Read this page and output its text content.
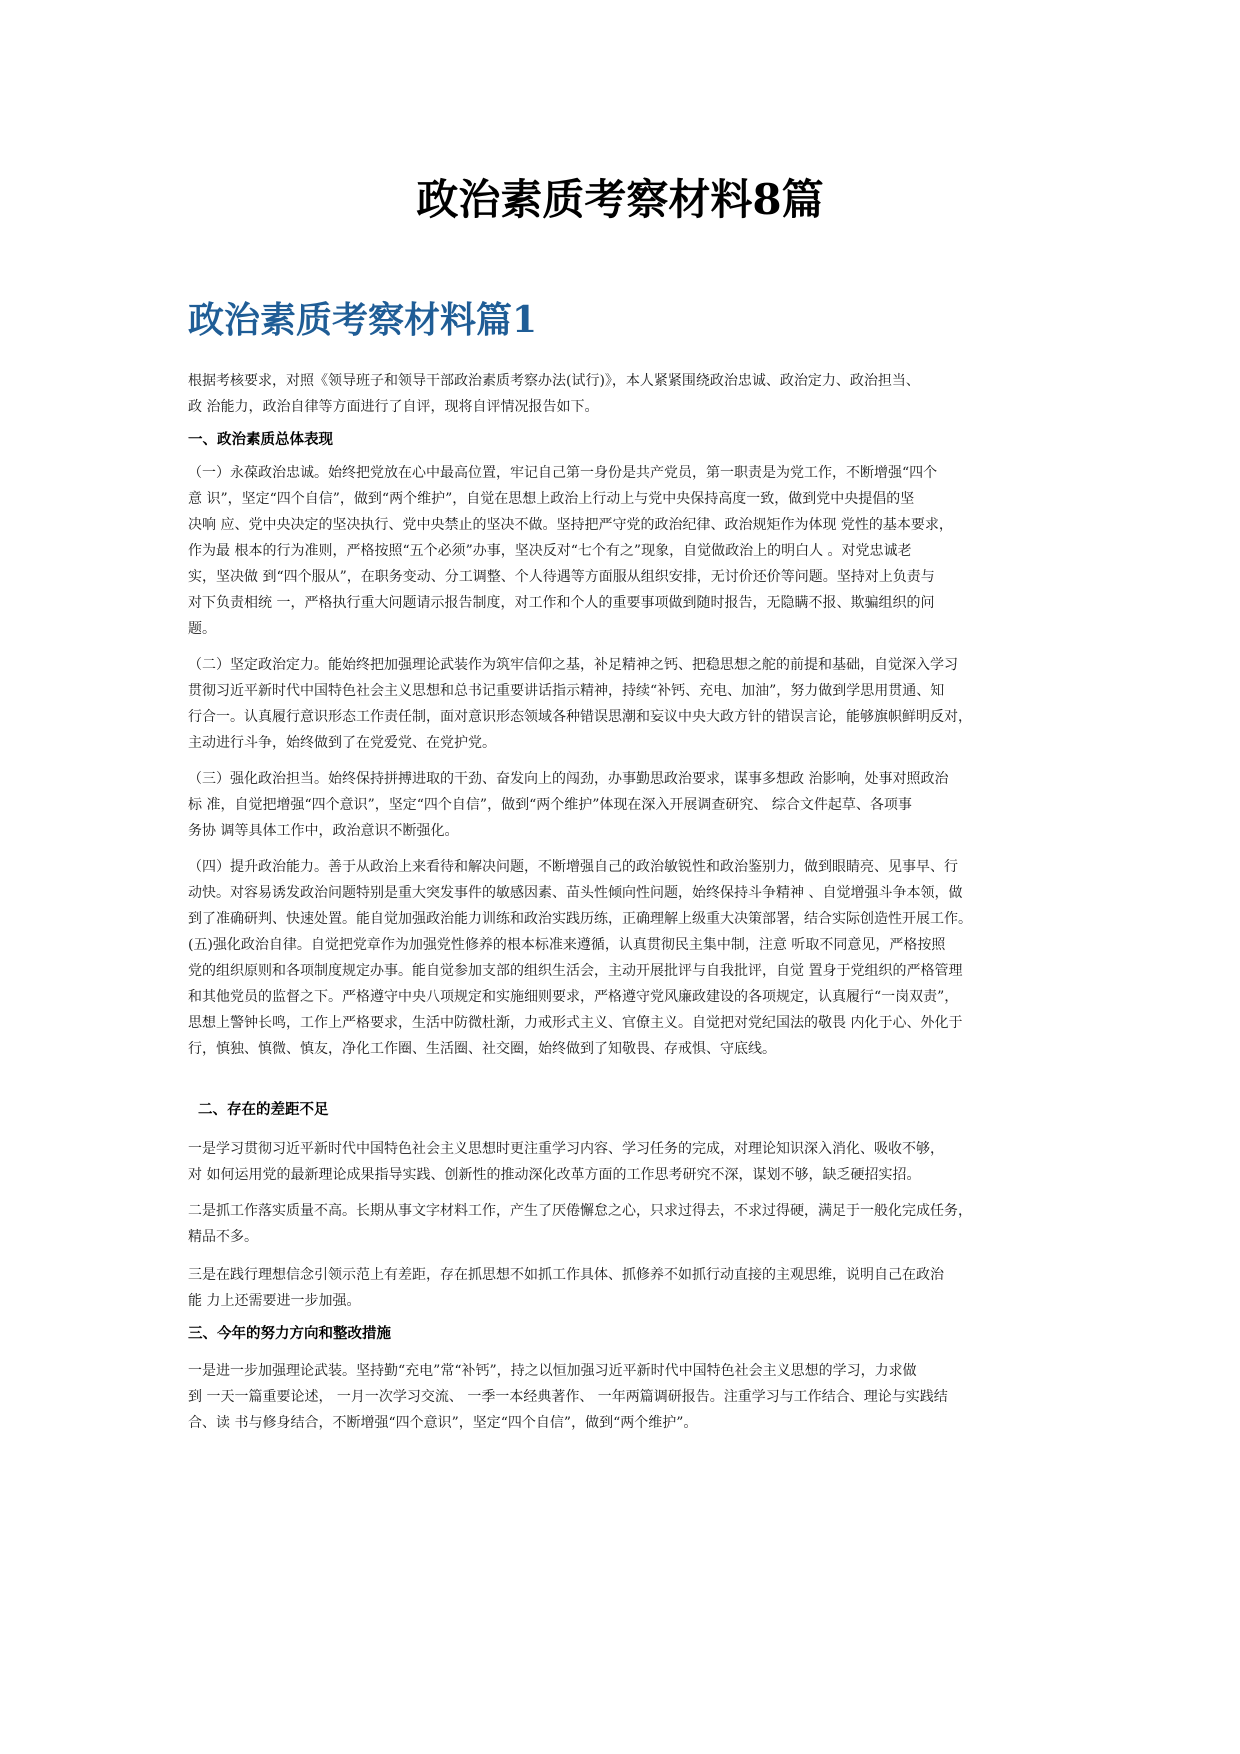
政治素质考察材料8篇
政治素质考察材料篇1
根据考核要求，对照《领导班子和领导干部政治素质考察办法(试行)》，本人紧紧围绕政治忠诚、政治定力、政治担当、
政 治能力，政治自律等方面进行了自评，现将自评情况报告如下。
一、政治素质总体表现
（一）永葆政治忠诚。始终把党放在心中最高位置，牢记自己第一身份是共产党员，第一职责是为党工作，不断增强“四个
意 识”，坚定“四个自信”，做到“两个维护”，自觉在思想上政治上行动上与党中央保持高度一致，做到党中央提倡的坚
决响 应、党中央决定的坚决执行、党中央禁止的坚决不做。坚持把严守党的政治纪律、政治规矩作为体现 党性的基本要求，
作为最 根本的行为准则，严格按照“五个必须”办事，坚决反对“七个有之”现象，自觉做政治上的明白人 。对党忠诚老
实，坚决做 到“四个服从”，在职务变动、分工调整、个人待遇等方面服从组织安排，无讨价还价等问题。坚持对上负责与
对下负责相统 一，严格执行重大问题请示报告制度，对工作和个人的重要事项做到随时报告，无隐瞒不报、欺骗组织的问
题。
（二）坚定政治定力。能始终把加强理论武装作为筑牢信仰之基，补足精神之钙、把稳思想之舵的前提和基础，自觉深入学习
贯彻习近平新时代中国特色社会主义思想和总书记重要讲话指示精神，持续“补钙、充电、加油”，努力做到学思用贯通、知
行合一。认真履行意识形态工作责任制，面对意识形态领域各种错误思潮和妄议中央大政方针的错误言论，能够旗帜鲜明反对，
主动进行斗争，始终做到了在党爱党、在党护党。
（三）强化政治担当。始终保持拼搏进取的干劲、奋发向上的闯劲，办事勤思政治要求，谋事多想政 治影响，处事对照政治
标 准，自觉把增强“四个意识”，坚定“四个自信”，做到“两个维护”体现在深入开展调查研究、 综合文件起草、各项事
务协 调等具体工作中，政治意识不断强化。
（四）提升政治能力。善于从政治上来看待和解决问题，不断增强自己的政治敏锐性和政治鉴别力，做到眼睛亮、见事早、行
动快。对容易诱发政治问题特别是重大突发事件的敏感因素、苗头性倾向性问题，始终保持斗争精神 、自觉增强斗争本领，做
到了准确研判、快速处置。能自觉加强政治能力训练和政治实践历练，正确理解上级重大决策部署，结合实际创造性开展工作。
(五)强化政治自律。自觉把党章作为加强党性修养的根本标准来遵循，认真贯彻民主集中制，注意 听取不同意见，严格按照
党的组织原则和各项制度规定办事。能自觉参加支部的组织生活会，主动开展批评与自我批评，自觉 置身于党组织的严格管理
和其他党员的监督之下。严格遵守中央八项规定和实施细则要求，严格遵守党风廉政建设的各项规定，认真履行“一岗双责”，
思想上警钟长鸣，工作上严格要求，生活中防微杜渐，力戒形式主义、官僚主义。自觉把对党纪国法的敬畏 内化于心、外化于
行，慎独、慎微、慎友，净化工作圈、生活圈、社交圈，始终做到了知敬畏、存戒惧、守底线。
二、存在的差距不足
一是学习贯彻习近平新时代中国特色社会主义思想时更注重学习内容、学习任务的完成，对理论知识深入消化、吸收不够，
对 如何运用党的最新理论成果指导实践、创新性的推动深化改革方面的工作思考研究不深，谋划不够，缺乏硬招实招。
二是抓工作落实质量不高。长期从事文字材料工作，产生了厌倦懈怠之心，只求过得去，不求过得硬，满足于一般化完成任务，
精品不多。
三是在践行理想信念引领示范上有差距，存在抓思想不如抓工作具体、抓修养不如抓行动直接的主观思维，说明自己在政治
能 力上还需要进一步加强。
三、今年的努力方向和整改措施
一是进一步加强理论武装。坚持勤“充电”常“补钙”，持之以恒加强习近平新时代中国特色社会主义思想的学习，力求做
到 一天一篇重要论述， 一月一次学习交流、 一季一本经典著作、 一年两篇调研报告。注重学习与工作结合、理论与实践结
合、读 书与修身结合，不断增强“四个意识”，坚定“四个自信”，做到“两个维护”。
